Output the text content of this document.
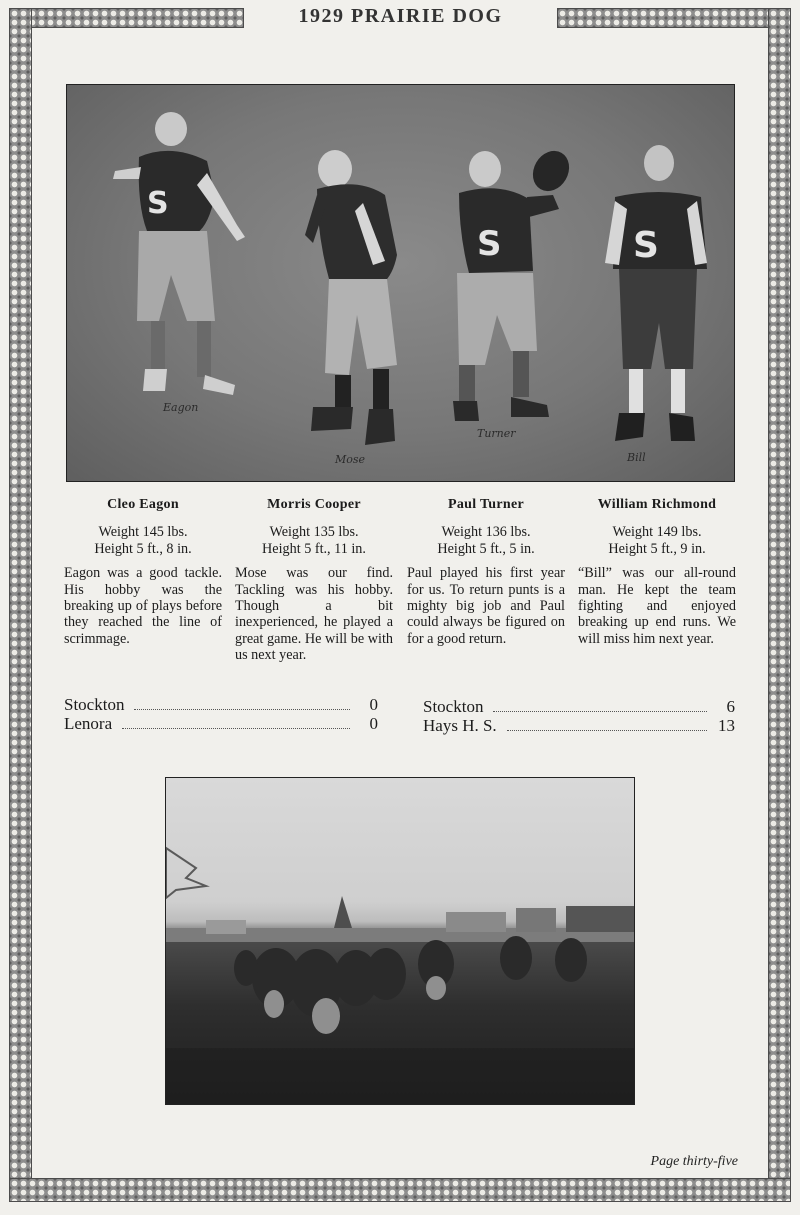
1929 PRAIRIE DOG
S
S	S
Eagon
Mose
Turner
Bill
Cleo Eagon
Weight 145 lbs.
Height 5 ft., 8 in.
Eagon was a good tackle. His hobby was the breaking up of plays before they reached the line of scrimmage.
Morris Cooper
Weight 135 lbs.
Height 5 ft., 11 in.
Mose was our find. Tackling was his hobby. Though a bit inexperienced, he played a great game. He will be with us next year.
Paul Turner
Weight 136 lbs.
Height 5 ft., 5 in.
Paul played his first year for us. To return punts is a mighty big job and Paul could always be figured on for a good return.
William Richmond
Weight 149 lbs.
Height 5 ft., 9 in.
“Bill” was our all-round man. He kept the team fighting and enjoyed breaking up end runs. We will miss him next year.
Stockton	0
Lenora	0
Stockton	6
Hays H. S.	13
Page thirty-five
